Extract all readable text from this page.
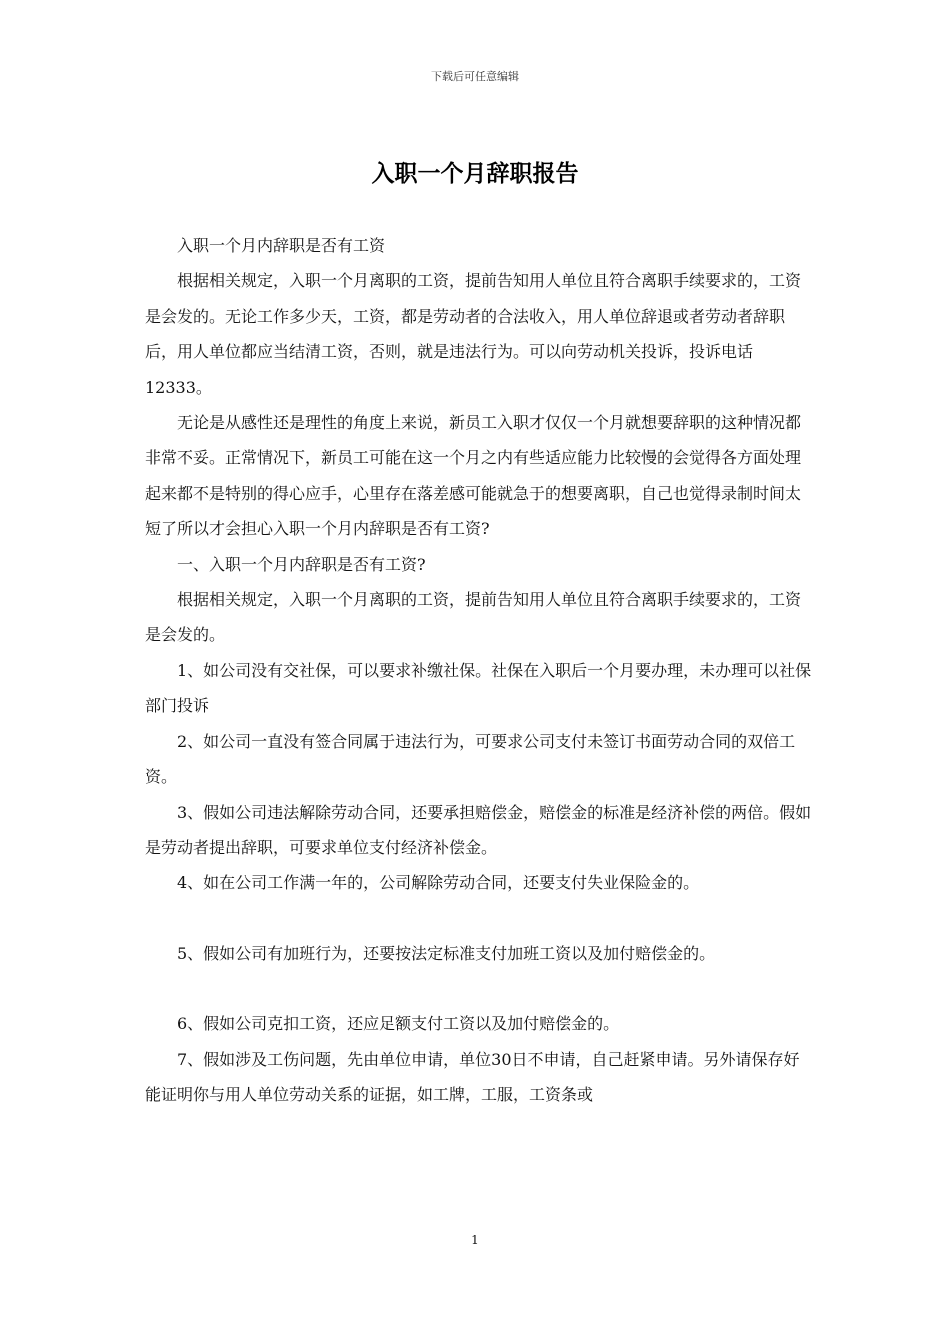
下载后可任意编辑
入职一个月辞职报告

入职一个月内辞职是否有工资

根据相关规定，入职一个月离职的工资，提前告知用人单位且符合离职手续要求的，工资是会发的。无论工作多少天，工资，都是劳动者的合法收入，用人单位辞退或者劳动者辞职后，用人单位都应当结清工资，否则，就是违法行为。可以向劳动机关投诉，投诉电话12333。

无论是从感性还是理性的角度上来说，新员工入职才仅仅一个月就想要辞职的这种情况都非常不妥。正常情况下，新员工可能在这一个月之内有些适应能力比较慢的会觉得各方面处理起来都不是特别的得心应手，心里存在落差感可能就急于的想要离职，自己也觉得录制时间太短了所以才会担心入职一个月内辞职是否有工资?

一、入职一个月内辞职是否有工资?

根据相关规定，入职一个月离职的工资，提前告知用人单位且符合离职手续要求的，工资是会发的。

1、如公司没有交社保，可以要求补缴社保。社保在入职后一个月要办理，未办理可以社保部门投诉

2、如公司一直没有签合同属于违法行为，可要求公司支付未签订书面劳动合同的双倍工资。

3、假如公司违法解除劳动合同，还要承担赔偿金，赔偿金的标准是经济补偿的两倍。假如是劳动者提出辞职，可要求单位支付经济补偿金。

4、如在公司工作满一年的，公司解除劳动合同，还要支付失业保险金的。

5、假如公司有加班行为，还要按法定标准支付加班工资以及加付赔偿金的。

6、假如公司克扣工资，还应足额支付工资以及加付赔偿金的。

7、假如涉及工伤问题，先由单位申请，单位30日不申请，自己赶紧申请。另外请保存好能证明你与用人单位劳动关系的证据，如工牌，工服，工资条或

1
